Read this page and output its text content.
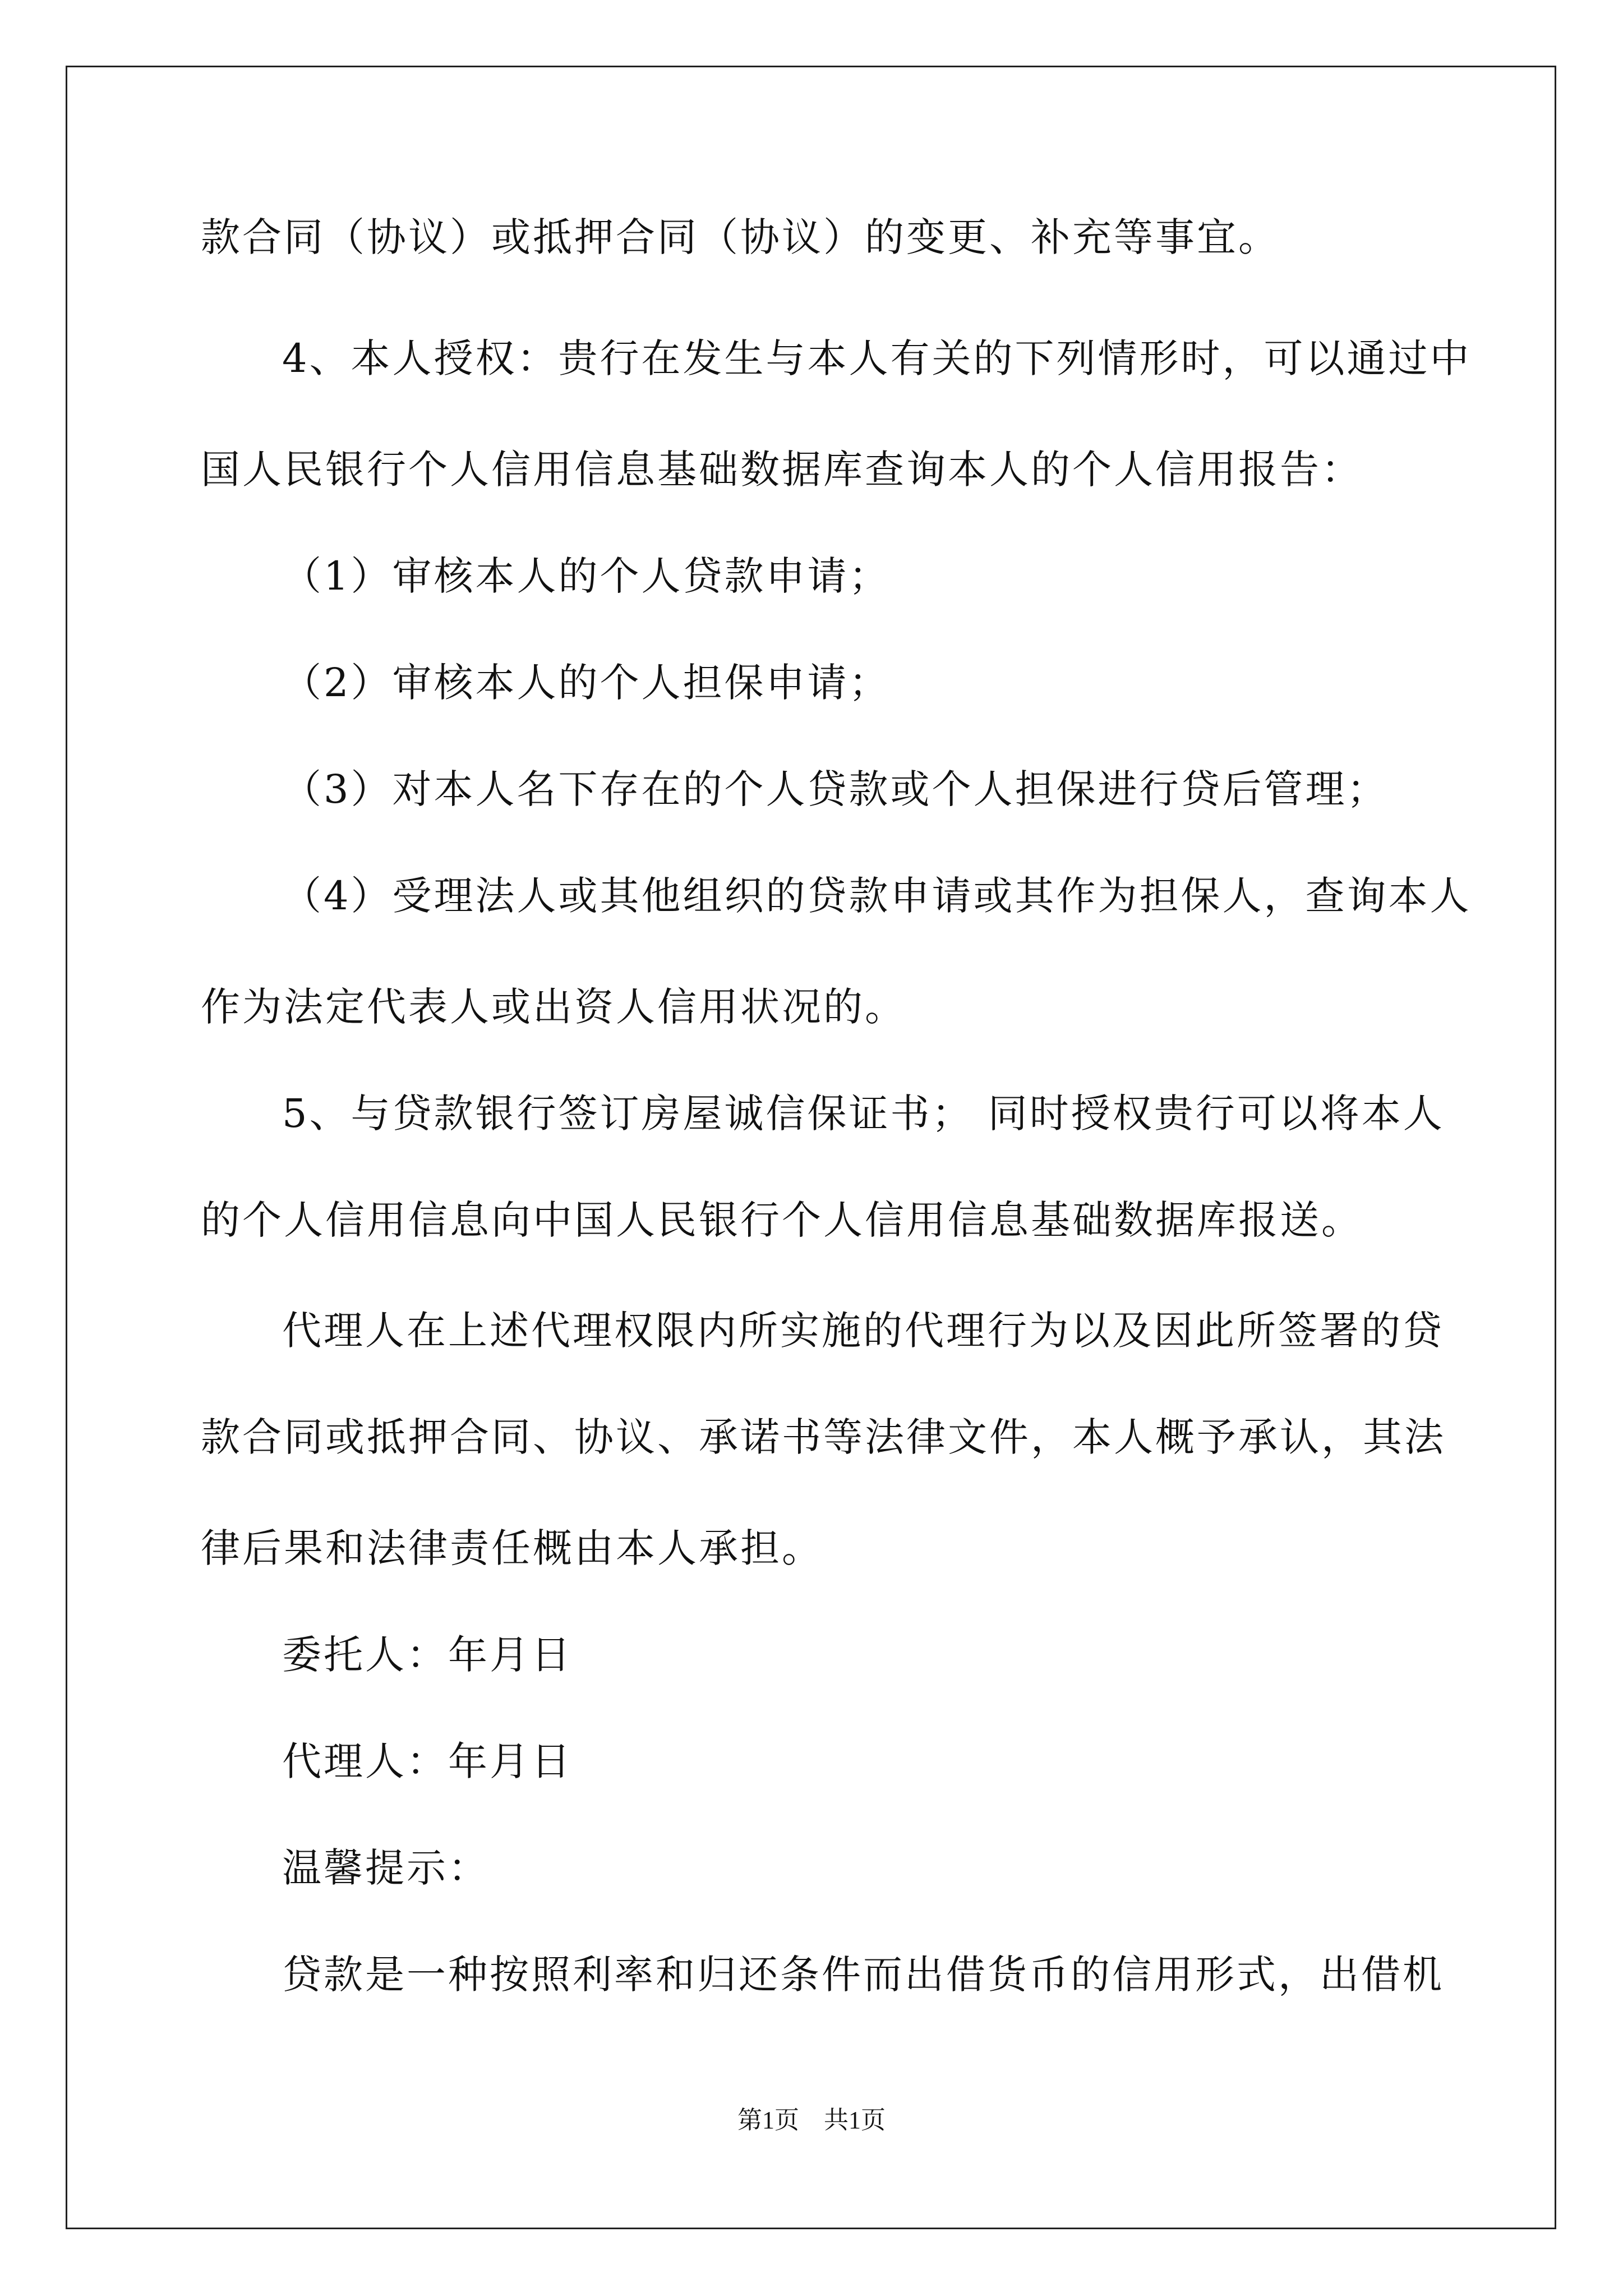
款合同（协议）或抵押合同（协议）的变更、补充等事宜。
4、本人授权：贵行在发生与本人有关的下列情形时，可以通过中
国人民银行个人信用信息基础数据库查询本人的个人信用报告：
（1）审核本人的个人贷款申请；
（2）审核本人的个人担保申请；
（3）对本人名下存在的个人贷款或个人担保进行贷后管理；
（4）受理法人或其他组织的贷款申请或其作为担保人，查询本人
作为法定代表人或出资人信用状况的。
5、与贷款银行签订房屋诚信保证书； 同时授权贵行可以将本人
的个人信用信息向中国人民银行个人信用信息基础数据库报送。
代理人在上述代理权限内所实施的代理行为以及因此所签署的贷
款合同或抵押合同、协议、承诺书等法律文件，本人概予承认，其法
律后果和法律责任概由本人承担。
委托人：年月日
代理人：年月日
温馨提示：
贷款是一种按照利率和归还条件而出借货币的信用形式，出借机
第1页　共1页
